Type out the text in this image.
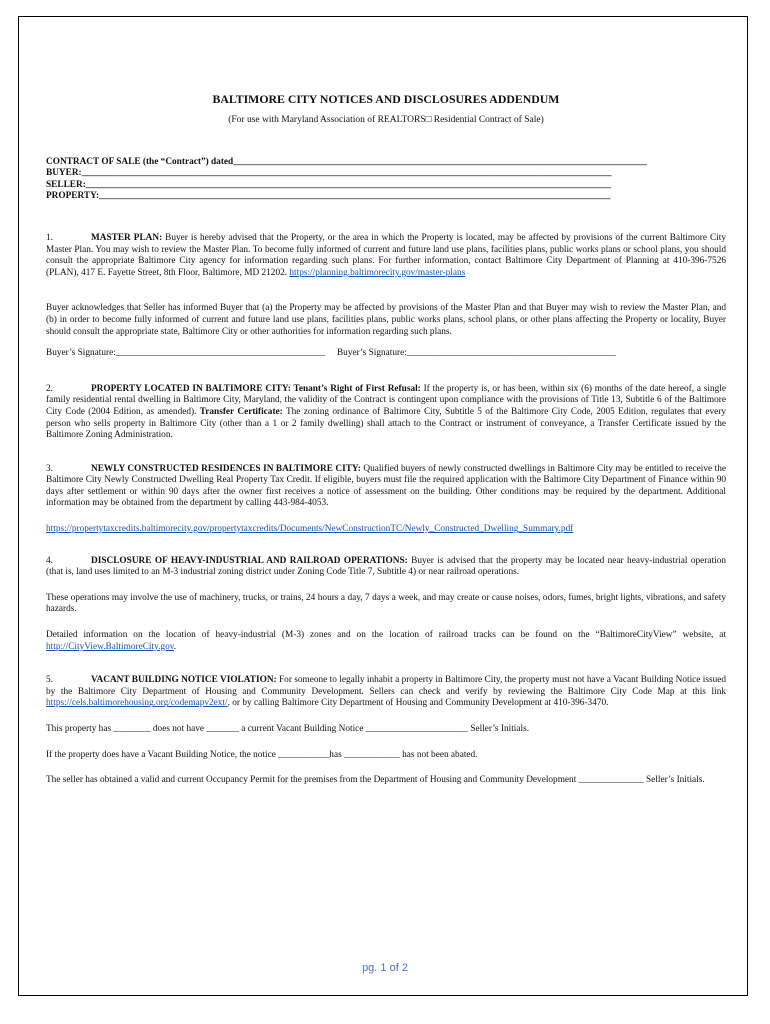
BALTIMORE CITY NOTICES AND DISCLOSURES ADDENDUM
(For use with Maryland Association of REALTORS□ Residential Contract of Sale)
CONTRACT OF SALE (the “Contract”) dated_________________________________________________________________________________________
BUYER:__________________________________________________________________________________________________________________
SELLER:_________________________________________________________________________________________________________________
PROPERTY:______________________________________________________________________________________________________________

1.	MASTER PLAN: Buyer is hereby advised that the Property, or the area in which the Property is located, may be affected by provisions of the current Baltimore City Master Plan. You may wish to review the Master Plan. To become fully informed of current and future land use plans, facilities plans, public works plans or school plans, you should consult the appropriate Baltimore City agency for information regarding such plans. For further information, contact Baltimore City Department of Planning at 410-396-7526 (PLAN), 417 E. Fayette Street, 8th Floor, Baltimore, MD 21202. https://planning.baltimorecity.gov/master-plans

Buyer acknowledges that Seller has informed Buyer that (a) the Property may be affected by provisions of the Master Plan and that Buyer may wish to review the Master Plan, and (b) in order to become fully informed of current and future land use plans, facilities plans, public works plans, school plans, or other plans affecting the Property or locality, Buyer should consult the appropriate state, Baltimore City or other authorities for information regarding such plans.

Buyer’s Signature:_____________________________________________ Buyer’s Signature:_____________________________________________

2.	PROPERTY LOCATED IN BALTIMORE CITY: Tenant’s Right of First Refusal: If the property is, or has been, within six (6) months of the date hereof, a single family residential rental dwelling in Baltimore City, Maryland, the validity of the Contract is contingent upon compliance with the provisions of Title 13, Subtitle 6 of the Baltimore City Code (2004 Edition, as amended). Transfer Certificate: The zoning ordinance of Baltimore City, Subtitle 5 of the Baltimore City Code, 2005 Edition, regulates that every person who sells property in Baltimore City (other than a 1 or 2 family dwelling) shall attach to the Contract or instrument of conveyance, a Transfer Certificate issued by the Baltimore Zoning Administration.

3.	NEWLY CONSTRUCTED RESIDENCES IN BALTIMORE CITY: Qualified buyers of newly constructed dwellings in Baltimore City may be entitled to receive the Baltimore City Newly Constructed Dwelling Real Property Tax Credit. If eligible, buyers must file the required application with the Baltimore City Department of Finance within 90 days after settlement or within 90 days after the owner first receives a notice of assessment on the building. Other conditions may be required by the department. Additional information may be obtained from the department by calling 443-984-4053.

https://propertytaxcredits.baltimorecity.gov/propertytaxcredits/Documents/NewConstructionTC/Newly_Constructed_Dwelling_Summary.pdf

4.	DISCLOSURE OF HEAVY-INDUSTRIAL AND RAILROAD OPERATIONS: Buyer is advised that the property may be located near heavy-industrial operation (that is, land uses limited to an M-3 industrial zoning district under Zoning Code Title 7, Subtitle 4) or near railroad operations.

These operations may involve the use of machinery, trucks, or trains, 24 hours a day, 7 days a week, and may create or cause noises, odors, fumes, bright lights, vibrations, and safety hazards.

Detailed information on the location of heavy-industrial (M-3) zones and on the location of railroad tracks can be found on the “BaltimoreCityView” website, at http://CityView.BaltimoreCity.gov.

5.	VACANT BUILDING NOTICE VIOLATION: For someone to legally inhabit a property in Baltimore City, the property must not have a Vacant Building Notice issued by the Baltimore City Department of Housing and Community Development. Sellers can check and verify by reviewing the Baltimore City Code Map at this link https://cels.baltimorehousing.org/codemapv2ext/, or by calling Baltimore City Department of Housing and Community Development at 410-396-3470.

This property has ________ does not have _______ a current Vacant Building Notice ______________________ Seller’s Initials.

If the property does have a Vacant Building Notice, the notice ___________has ____________ has not been abated.

The seller has obtained a valid and current Occupancy Permit for the premises from the Department of Housing and Community Development ______________ Seller’s Initials.

pg. 1 of 2
